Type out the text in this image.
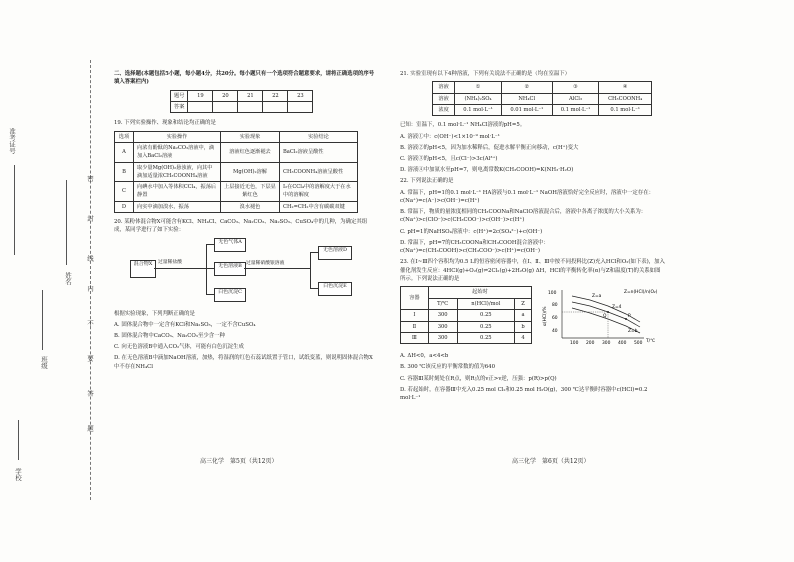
准考证号
姓名
班级
学校
密
封
线
内
不
要
答
题

二、选择题(本题包括5小题，每小题4分，共20分。每小题只有一个选项符合题意要求，请将正确选项的序号填入答案栏内)

题号	19	20	21	22	23
答案					

19. 下列实验操作、现象和结论均正确的是

选项	实验操作	实验现象	实验结论
A	向浓有酚酞的Na₂CO₃溶液中，滴加入BaCl₂溶液	溶液红色逐渐褪去	BaCl₂溶液呈酸性
B	取少量Mg(OH)₂悬浊液，向其中滴加适量浓CH₃COONH₄溶液	Mg(OH)₂溶解	CH₃COONH₄溶液呈酸性
C	向碘水中加入等体积CCl₄，振荡后静置	上层接近无色，下层显紫红色	I₂在CCl₄中的溶解度大于在水中的溶解度
D	向实中滴加溴水，振荡	溴水褪色	CH₂=CH₂中含有碳碳双键

20. 某粉体混合物X可能含有KCl、NH₄Cl、CaCO₃、Na₂CO₃、Na₂SO₃、CuSO₄中的几种，为确定其组成，某同学进行了如下实验：

混合物X	过量稀盐酸
无色气体A
无色溶液B
白色沉淀C
过量稀硝酸银溶液
无色溶液D
白色沉淀E

根据实验现象，下列判断正确的是

A. 固体混合物中一定含有KCl和Na₂SO₃，一定不含CuSO₄

B. 固体混合物中CaCO₃、Na₂CO₃至少含一种

C. 向无色溶液B中通入CO₂气体，可能有白色沉淀生成

D. 在无色溶液B中滴加NaOH溶液，加热，将湿润的红色石蕊试纸置于管口，试纸变蓝，则说明固体混合物X中不存在NH₄Cl

高三化学　第5页（共12页）

21. 实验室现有以下4种溶液，下列有关说法不正确的是（均在室温下）

溶液	①	②	③	④
溶液	(NH₄)₂SO₄	NH₄Cl	AlCl₃	CH₃COONH₄
浓度	0.1 mol·L⁻¹	0.01 mol·L⁻¹	0.1 mol·L⁻¹	0.1 mol·L⁻¹

已知：室温下，0.1 mol·L⁻¹ NH₄Cl溶液的pH=5。

A. 溶液①中：c(OH⁻)<1×10⁻⁹ mol·L⁻¹

B. 溶液②的pH<5，因为加水稀释后，促进水解平衡正向移动，c(H⁺)变大

C. 溶液③的pH<5，且c(Cl⁻)>3c(Al³⁺)

D. 溶液④中加氨水至pH=7，则电离常数K(CH₃COOH)=K(NH₃·H₂O)

22. 下列说法正确的是

A. 常温下，pH=1的0.1 mol·L⁻¹ HA溶液与0.1 mol·L⁻¹ NaOH溶液恰好完全反应时，溶液中一定存在：c(Na⁺)=c(A⁻)>c(OH⁻)=c(H⁺)

B. 常温下，物质的量浓度相同的CH₃COONa和NaClO溶液混合后，溶液中各离子浓度的大小关系为：c(Na⁺)>c(ClO⁻)>c(CH₃COO⁻)>c(OH⁻)>c(H⁺)

C. pH=1的NaHSO₄溶液中：c(H⁺)=2c(SO₄²⁻)+c(OH⁻)

D. 常温下，pH=7的CH₃COONa和CH₃COOH混合溶液中：c(Na⁺)=c(CH₃COOH)>c(CH₃COO⁻)>c(H⁺)=c(OH⁻)

23. 在Ⅰ~Ⅲ四个容积均为0.5 L的恒容密闭容器中，在Ⅰ、Ⅱ、Ⅲ中按不同投料比(Z)充入HCl和O₂(如下表)，加入催化剂发生反应：4HCl(g)+O₂(g)⇌2Cl₂(g)+2H₂O(g) ΔH，HCl的平衡转化率(α)与Z和温度(T)的关系如图所示。下列说法正确的是

容器	起始时		
	T/℃	n(HCl)/mol	Z
Ⅰ	300	0.25	a
Ⅱ	300	0.25	b
Ⅲ	300	0.25	4
α(HCl)/%
T/℃
100 200 300 400 500
40
60
80
100
Z=a
Z=4
Z=b
Q	P
Z=n(HCl)/n(O₂)

A. ΔH<0，a<4<b

B. 300 ℃该反应的平衡常数的值为640

C. 容器Ⅲ某时刻处在R点，则R点的v正>v逆，压强：p(R)>p(Q)

D. 若起始时，在容器Ⅲ中充入0.25 mol Cl₂和0.25 mol H₂O(g)，300 ℃达平衡时容器中c(HCl)=0.2 mol·L⁻¹

高三化学　第6页（共12页）
